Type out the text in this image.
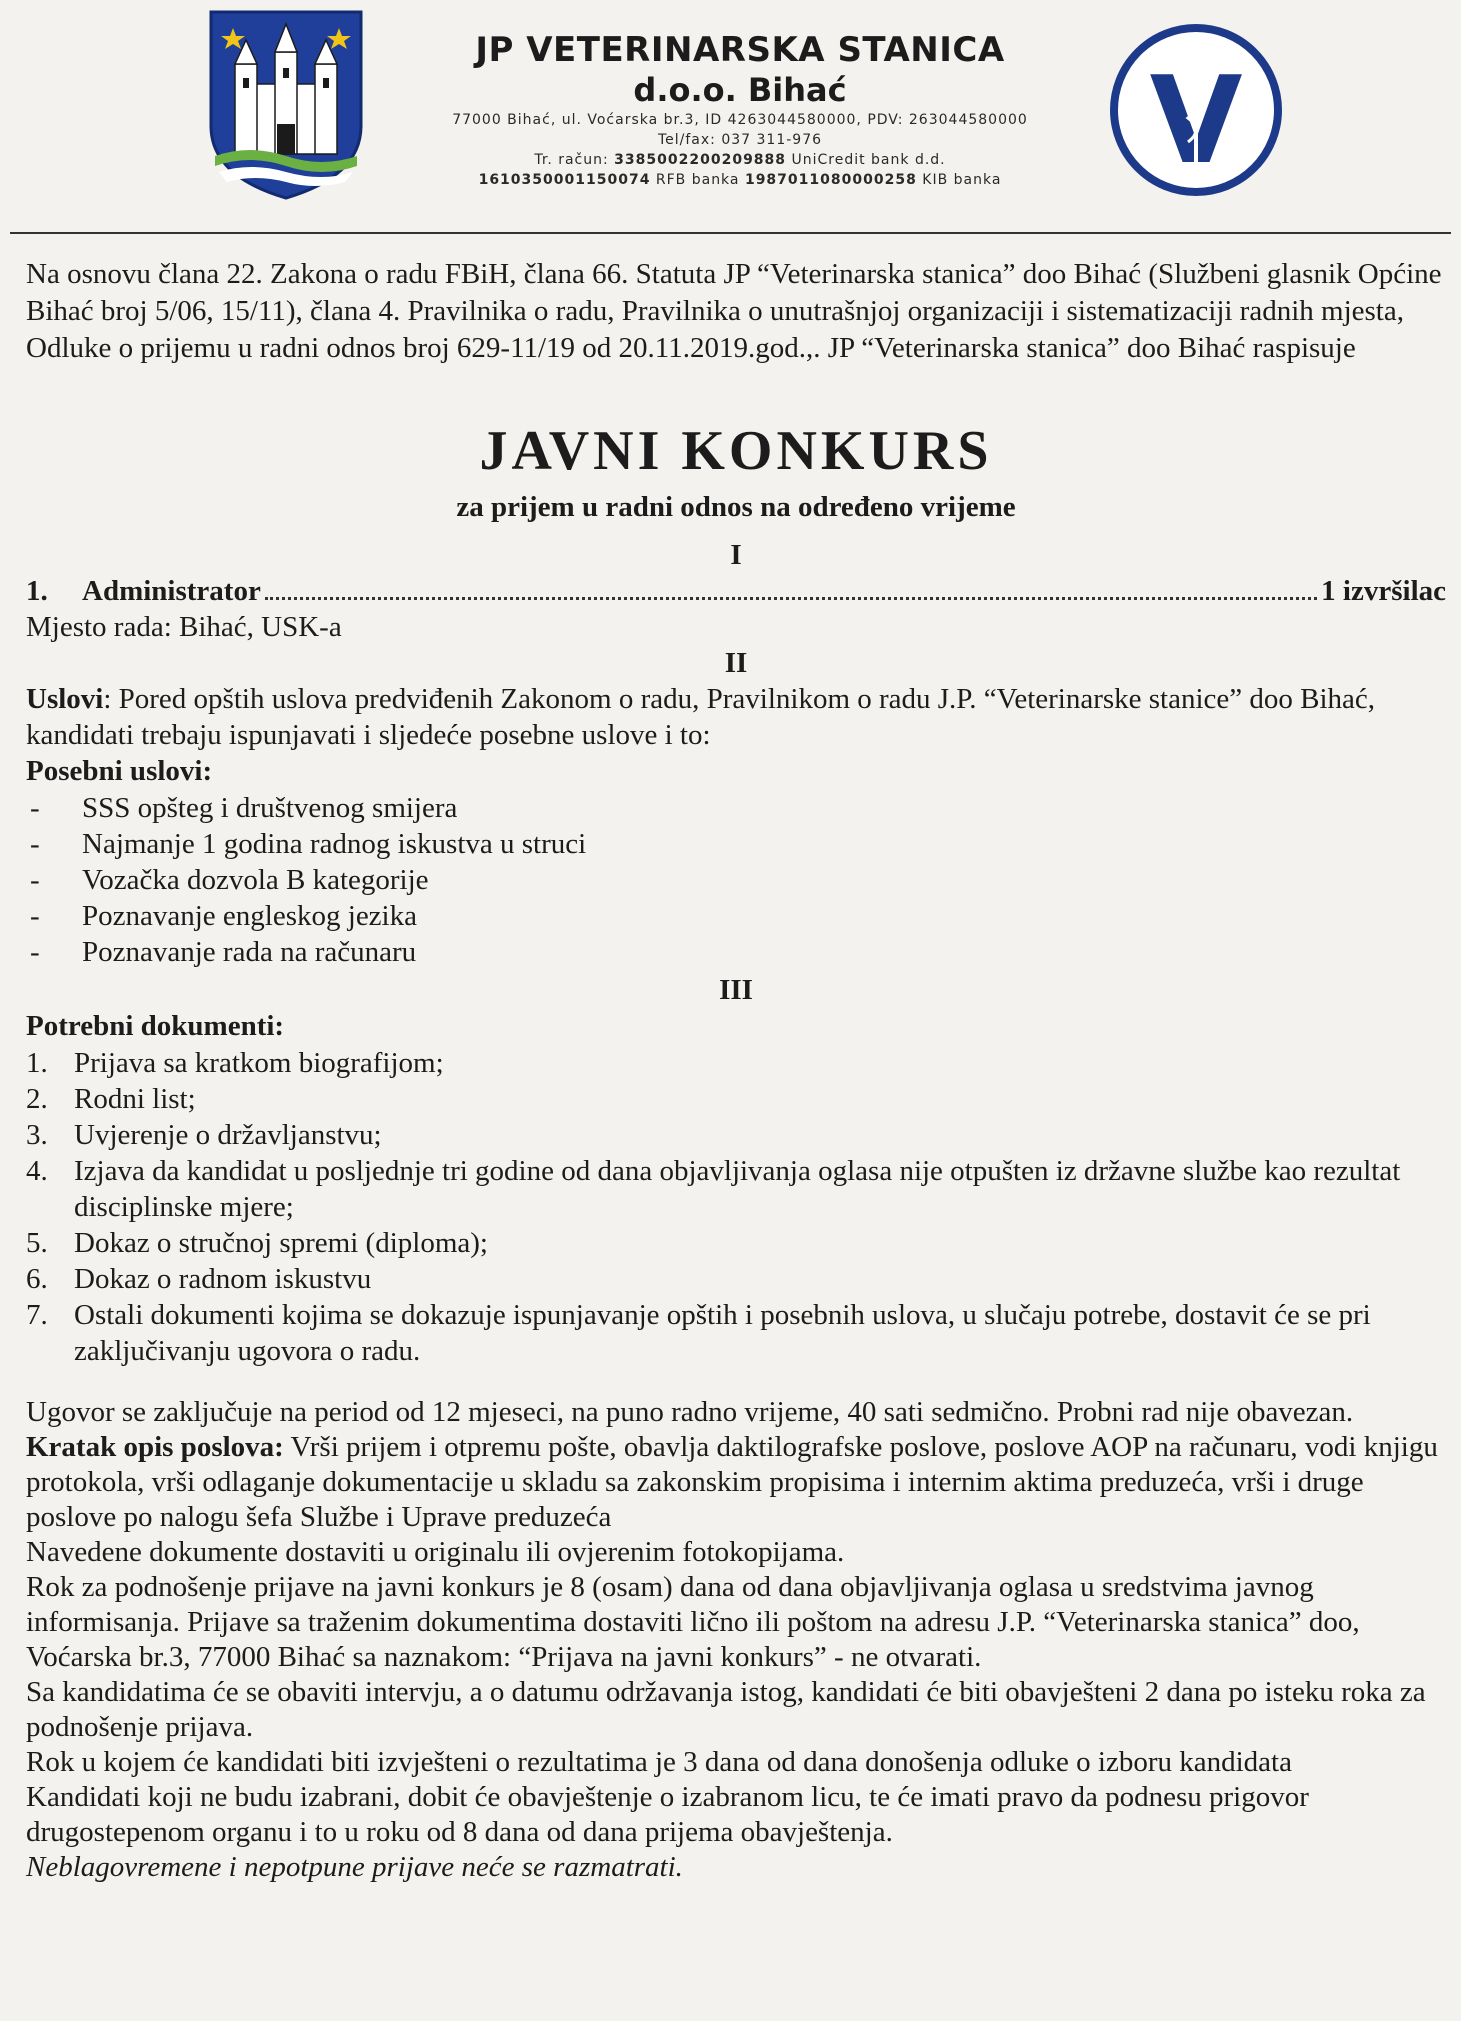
JP VETERINARSKA STANICA
d.o.o. Bihać
77000 Bihać, ul. Voćarska br.3, ID 4263044580000, PDV: 263044580000
Tel/fax: 037 311-976
Tr. račun: 3385002200209888 UniCredit bank d.d.
1610350001150074 RFB banka 1987011080000258 KIB banka	V

Na osnovu člana 22. Zakona o radu FBiH, člana 66. Statuta JP “Veterinarska stanica” doo Bihać (Službeni glasnik Općine Bihać broj 5/06, 15/11), člana 4. Pravilnika o radu, Pravilnika o unutrašnjoj organizaciji i sistematizaciji radnih mjesta, Odluke o prijemu u radni odnos broj 629-11/19 od 20.11.2019.god.,. JP “Veterinarska stanica” doo Bihać raspisuje

JAVNI KONKURS
za prijem u radni odnos na određeno vrijeme
I
1.	Administrator	1 izvršilac
Mjesto rada: Bihać, USK-a
II
Uslovi: Pored opštih uslova predviđenih Zakonom o radu, Pravilnikom o radu J.P. “Veterinarske stanice” doo Bihać, kandidati trebaju ispunjavati i sljedeće posebne uslove i to:
Posebni uslovi:
- SSS opšteg i društvenog smijera
- Najmanje 1 godina radnog iskustva u struci
- Vozačka dozvola B kategorije
- Poznavanje engleskog jezika
- Poznavanje rada na računaru
III
Potrebni dokumenti:
1. Prijava sa kratkom biografijom;
2. Rodni list;
3. Uvjerenje o državljanstvu;
4. Izjava da kandidat u posljednje tri godine od dana objavljivanja oglasa nije otpušten iz državne službe kao rezultat disciplinske mjere;
5. Dokaz o stručnoj spremi (diploma);
6. Dokaz o radnom iskustvu
7. Ostali dokumenti kojima se dokazuje ispunjavanje opštih i posebnih uslova, u slučaju potrebe, dostavit će se pri zaključivanju ugovora o radu.

Ugovor se zaključuje na period od 12 mjeseci, na puno radno vrijeme, 40 sati sedmično. Probni rad nije obavezan.

Kratak opis poslova: Vrši prijem i otpremu pošte, obavlja daktilografske poslove, poslove AOP na računaru, vodi knjigu protokola, vrši odlaganje dokumentacije u skladu sa zakonskim propisima i internim aktima preduzeća, vrši i druge poslove po nalogu šefa Službe i Uprave preduzeća

Navedene dokumente dostaviti u originalu ili ovjerenim fotokopijama.

Rok za podnošenje prijave na javni konkurs je 8 (osam) dana od dana objavljivanja oglasa u sredstvima javnog informisanja. Prijave sa traženim dokumentima dostaviti lično ili poštom na adresu J.P. “Veterinarska stanica” doo, Voćarska br.3, 77000 Bihać sa naznakom: “Prijava na javni konkurs” - ne otvarati.

Sa kandidatima će se obaviti intervju, a o datumu održavanja istog, kandidati će biti obavješteni 2 dana po isteku roka za podnošenje prijava.

Rok u kojem će kandidati biti izvješteni o rezultatima je 3 dana od dana donošenja odluke o izboru kandidata

Kandidati koji ne budu izabrani, dobit će obavještenje o izabranom licu, te će imati pravo da podnesu prigovor drugostepenom organu i to u roku od 8 dana od dana prijema obavještenja.

Neblagovremene i nepotpune prijave neće se razmatrati.
